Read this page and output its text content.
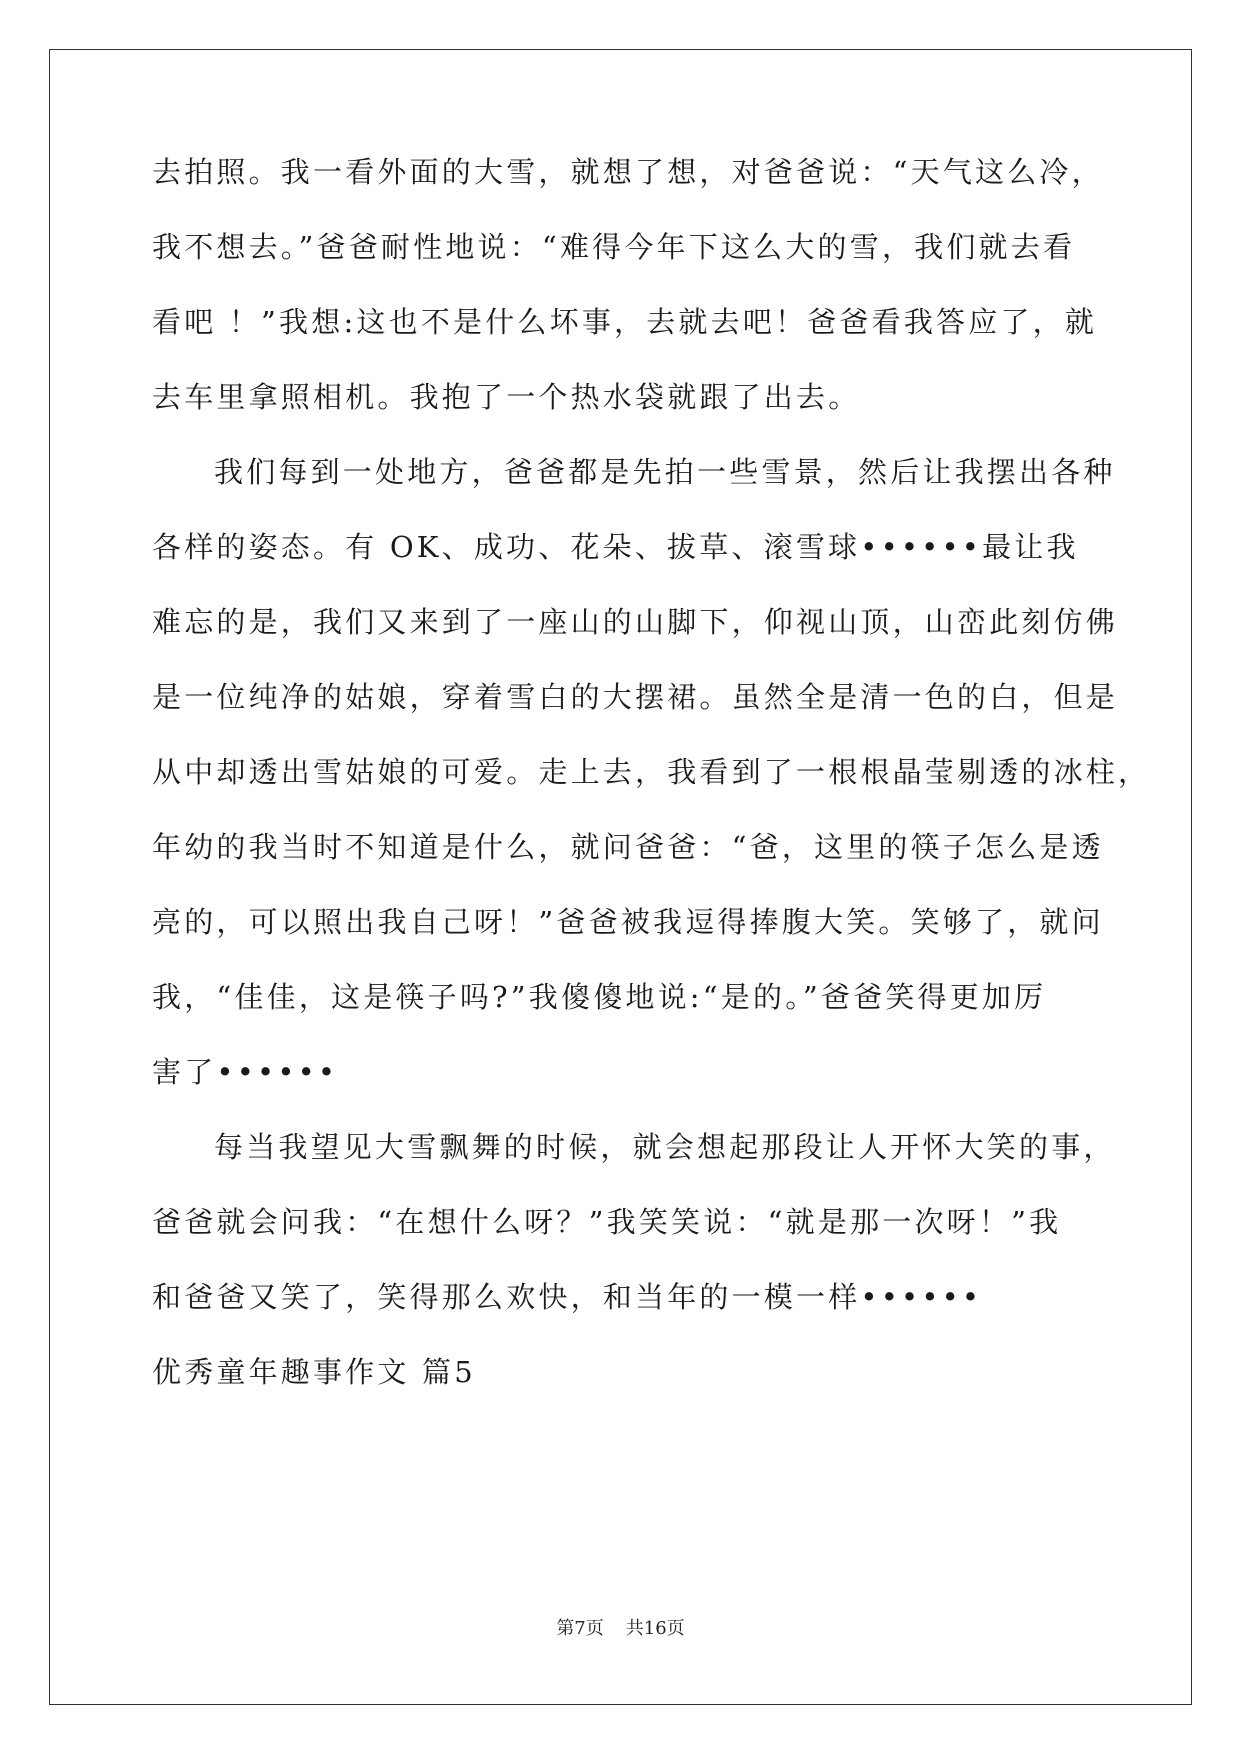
去拍照。我一看外面的大雪，就想了想，对爸爸说：“天气这么冷，
我不想去。”爸爸耐性地说：“难得今年下这么大的雪，我们就去看
看吧 ！”我想:这也不是什么坏事，去就去吧！爸爸看我答应了，就
去车里拿照相机。我抱了一个热水袋就跟了出去。
我们每到一处地方，爸爸都是先拍一些雪景，然后让我摆出各种
各样的姿态。有 OK、成功、花朵、拔草、滚雪球••••••最让我
难忘的是，我们又来到了一座山的山脚下，仰视山顶，山峦此刻仿佛
是一位纯净的姑娘，穿着雪白的大摆裙。虽然全是清一色的白，但是
从中却透出雪姑娘的可爱。走上去，我看到了一根根晶莹剔透的冰柱，
年幼的我当时不知道是什么，就问爸爸：“爸，这里的筷子怎么是透
亮的，可以照出我自己呀！”爸爸被我逗得捧腹大笑。笑够了，就问
我，“佳佳，这是筷子吗?”我傻傻地说:“是的。”爸爸笑得更加厉
害了••••••
每当我望见大雪飘舞的时候，就会想起那段让人开怀大笑的事，
爸爸就会问我：“在想什么呀？”我笑笑说：“就是那一次呀！”我
和爸爸又笑了，笑得那么欢快，和当年的一模一样••••••
优秀童年趣事作文 篇5
第7页 共16页
